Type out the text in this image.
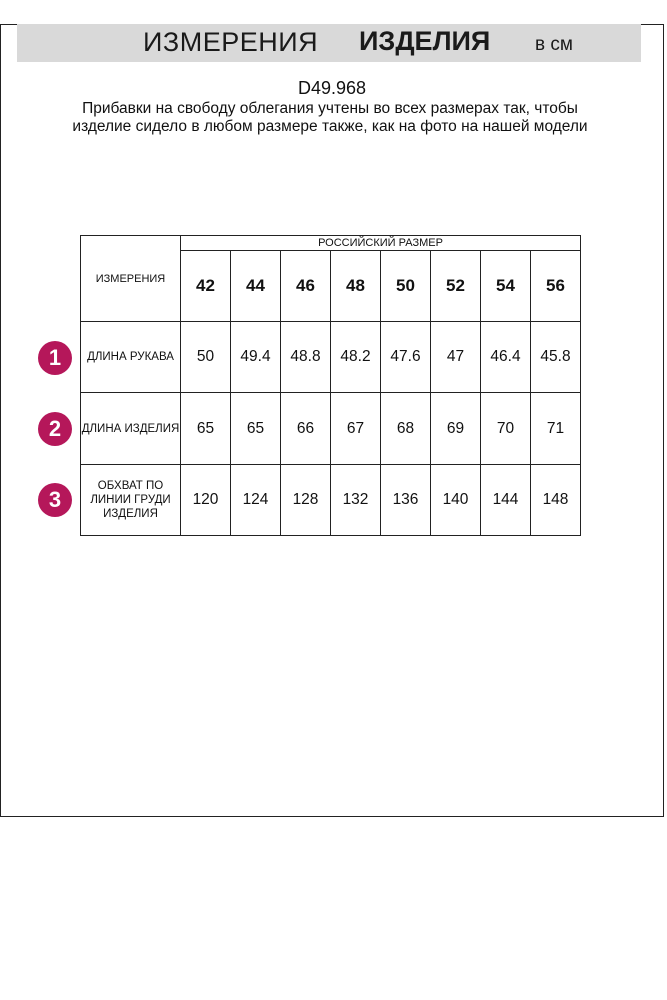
ИЗМЕРЕНИЯ ИЗДЕЛИЯ в см
D49.968
Прибавки на свободу облегания учтены во всех размерах так, чтобы изделие сидело в любом размере также, как на фото на нашей модели
ИЗМЕРЕНИЯ	РОССИЙСКИЙ РАЗМЕР							
	42	44	46	48	50	52	54	56
ДЛИНА РУКАВА	50	49.4	48.8	48.2	47.6	47	46.4	45.8
ДЛИНА ИЗДЕЛИЯ	65	65	66	67	68	69	70	71
ОБХВАТ ПО ЛИНИИ ГРУДИ ИЗДЕЛИЯ	120	124	128	132	136	140	144	148
1
2
3
